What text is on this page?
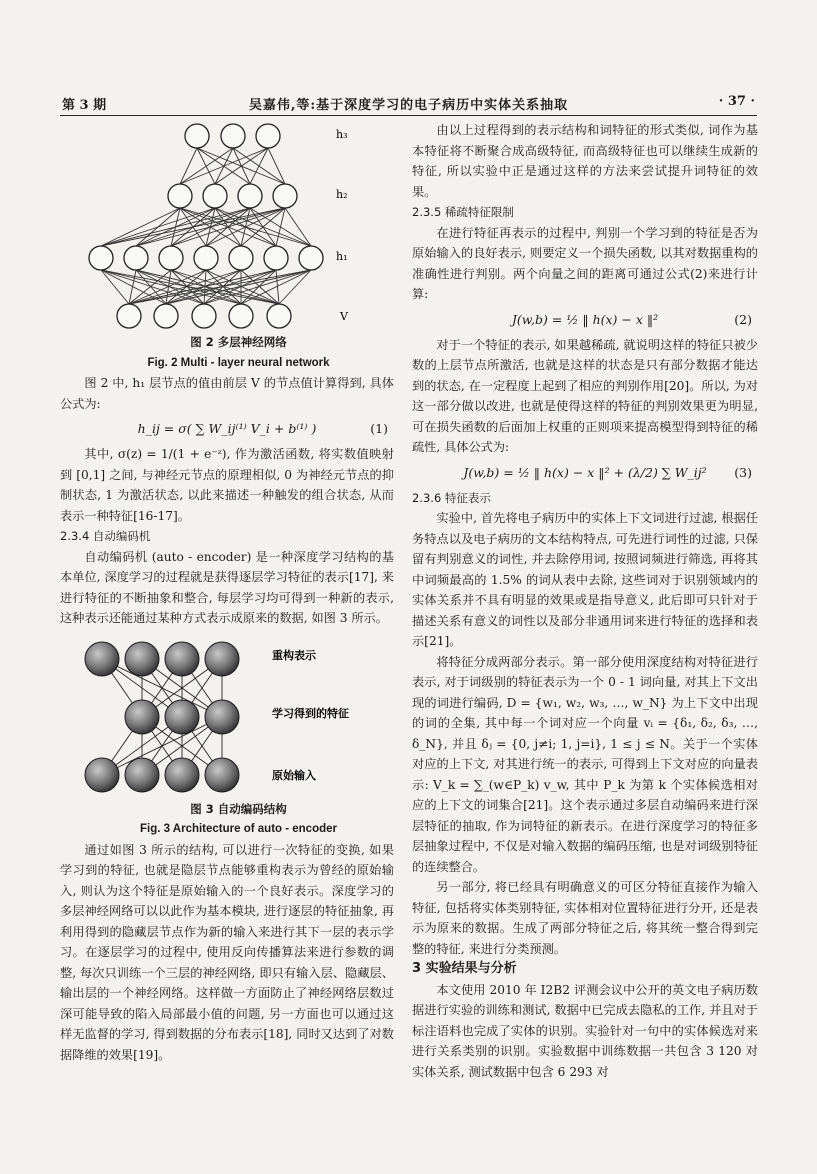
第 3 期	吴嘉伟,等:基于深度学习的电子病历中实体关系抽取	· 37 ·
h₃
h₂
h₁
V

图 2 多层神经网络

Fig. 2 Multi - layer neural network

图 2 中, h₁ 层节点的值由前层 V 的节点值计算得到, 具体公式为:

h_ij = σ( ∑ W_ij⁽¹⁾ V_i + b⁽¹⁾ )	(1)

其中, σ(z) = 1/(1 + e⁻ᶻ), 作为激活函数, 将实数值映射到 [0,1] 之间, 与神经元节点的原理相似, 0 为神经元节点的抑制状态, 1 为激活状态, 以此来描述一种触发的组合状态, 从而表示一种特征[16-17]。

2.3.4 自动编码机

自动编码机 (auto - encoder) 是一种深度学习结构的基本单位, 深度学习的过程就是获得逐层学习特征的表示[17], 来进行特征的不断抽象和整合, 每层学习均可得到一种新的表示, 这种表示还能通过某种方式表示成原来的数据, 如图 3 所示。

重构表示
学习得到的特征
原始输入

图 3 自动编码结构

Fig. 3 Architecture of auto - encoder

通过如图 3 所示的结构, 可以进行一次特征的变换, 如果学习到的特征, 也就是隐层节点能够重构表示为曾经的原始输入, 则认为这个特征是原始输入的一个良好表示。深度学习的多层神经网络可以以此作为基本模块, 进行逐层的特征抽象, 再利用得到的隐藏层节点作为新的输入来进行其下一层的表示学习。在逐层学习的过程中, 使用反向传播算法来进行参数的调整, 每次只训练一个三层的神经网络, 即只有输入层、隐藏层、输出层的一个神经网络。这样做一方面防止了神经网络层数过深可能导致的陷入局部最小值的问题, 另一方面也可以通过这样无监督的学习, 得到数据的分布表示[18], 同时又达到了对数据降维的效果[19]。

由以上过程得到的表示结构和词特征的形式类似, 词作为基本特征将不断聚合成高级特征, 而高级特征也可以继续生成新的特征, 所以实验中正是通过这样的方法来尝试提升词特征的效果。

2.3.5 稀疏特征限制

在进行特征再表示的过程中, 判别一个学习到的特征是否为原始输入的良好表示, 则要定义一个损失函数, 以其对数据重构的准确性进行判别。两个向量之间的距离可通过公式(2)来进行计算:

J(w,b) = ½ ‖ h(x) − x ‖²	(2)

对于一个特征的表示, 如果越稀疏, 就说明这样的特征只被少数的上层节点所激活, 也就是这样的状态是只有部分数据才能达到的状态, 在一定程度上起到了相应的判别作用[20]。所以, 为对这一部分做以改进, 也就是使得这样的特征的判别效果更为明显, 可在损失函数的后面加上权重的正则项来提高模型得到特征的稀疏性, 具体公式为:

J(w,b) = ½ ‖ h(x) − x ‖² + (λ/2) ∑ W_ij² (3)

2.3.6 特征表示

实验中, 首先将电子病历中的实体上下文词进行过滤, 根据任务特点以及电子病历的文本结构特点, 可先进行词性的过滤, 只保留有判别意义的词性, 并去除停用词, 按照词频进行筛选, 再将其中词频最高的 1.5% 的词从表中去除, 这些词对于识别领域内的实体关系并不具有明显的效果或是指导意义, 此后即可只针对于描述关系有意义的词性以及部分非通用词来进行特征的选择和表示[21]。

将特征分成两部分表示。第一部分使用深度结构对特征进行表示, 对于词级别的特征表示为一个 0 - 1 词向量, 对其上下文出现的词进行编码, D = {w₁, w₂, w₃, …, w_N} 为上下文中出现的词的全集, 其中每一个词对应一个向量 vᵢ = {δ₁, δ₂, δ₃, …, δ_N}, 并且 δⱼ = {0, j≠i; 1, j=i}, 1 ≤ j ≤ N。关于一个实体对应的上下文, 对其进行统一的表示, 可得到上下文对应的向量表示: V_k = ∑_(w∈P_k) v_w, 其中 P_k 为第 k 个实体候选相对应的上下文的词集合[21]。这个表示通过多层自动编码来进行深层特征的抽取, 作为词特征的新表示。在进行深度学习的特征多层抽象过程中, 不仅是对输入数据的编码压缩, 也是对词级别特征的连续整合。

另一部分, 将已经具有明确意义的可区分特征直接作为输入特征, 包括将实体类别特征, 实体相对位置特征进行分开, 还是表示为原来的数据。生成了两部分特征之后, 将其统一整合得到完整的特征, 来进行分类预测。

3 实验结果与分析

本文使用 2010 年 I2B2 评测会议中公开的英文电子病历数据进行实验的训练和测试, 数据中已完成去隐私的工作, 并且对于标注语料也完成了实体的识别。实验针对一句中的实体候选对来进行关系类别的识别。实验数据中训练数据一共包含 3 120 对实体关系, 测试数据中包含 6 293 对
